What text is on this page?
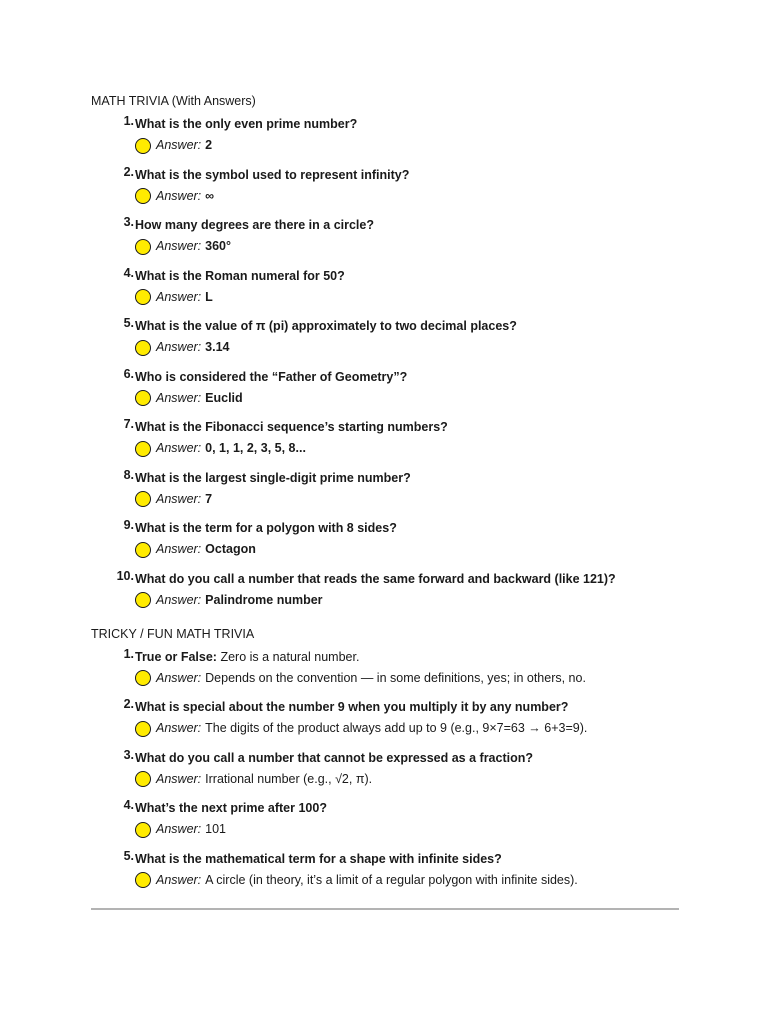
MATH TRIVIA (With Answers)
1. What is the only even prime number?
Answer: 2
2. What is the symbol used to represent infinity?
Answer: ∞
3. How many degrees are there in a circle?
Answer: 360°
4. What is the Roman numeral for 50?
Answer: L
5. What is the value of π (pi) approximately to two decimal places?
Answer: 3.14
6. Who is considered the “Father of Geometry”?
Answer: Euclid
7. What is the Fibonacci sequence’s starting numbers?
Answer: 0, 1, 1, 2, 3, 5, 8...
8. What is the largest single-digit prime number?
Answer: 7
9. What is the term for a polygon with 8 sides?
Answer: Octagon
10. What do you call a number that reads the same forward and backward (like 121)?
Answer: Palindrome number
TRICKY / FUN MATH TRIVIA
1. True or False: Zero is a natural number.
Answer: Depends on the convention — in some definitions, yes; in others, no.
2. What is special about the number 9 when you multiply it by any number?
Answer: The digits of the product always add up to 9 (e.g., 9×7=63 → 6+3=9).
3. What do you call a number that cannot be expressed as a fraction?
Answer: Irrational number (e.g., √2, π).
4. What’s the next prime after 100?
Answer: 101
5. What is the mathematical term for a shape with infinite sides?
Answer: A circle (in theory, it’s a limit of a regular polygon with infinite sides).
